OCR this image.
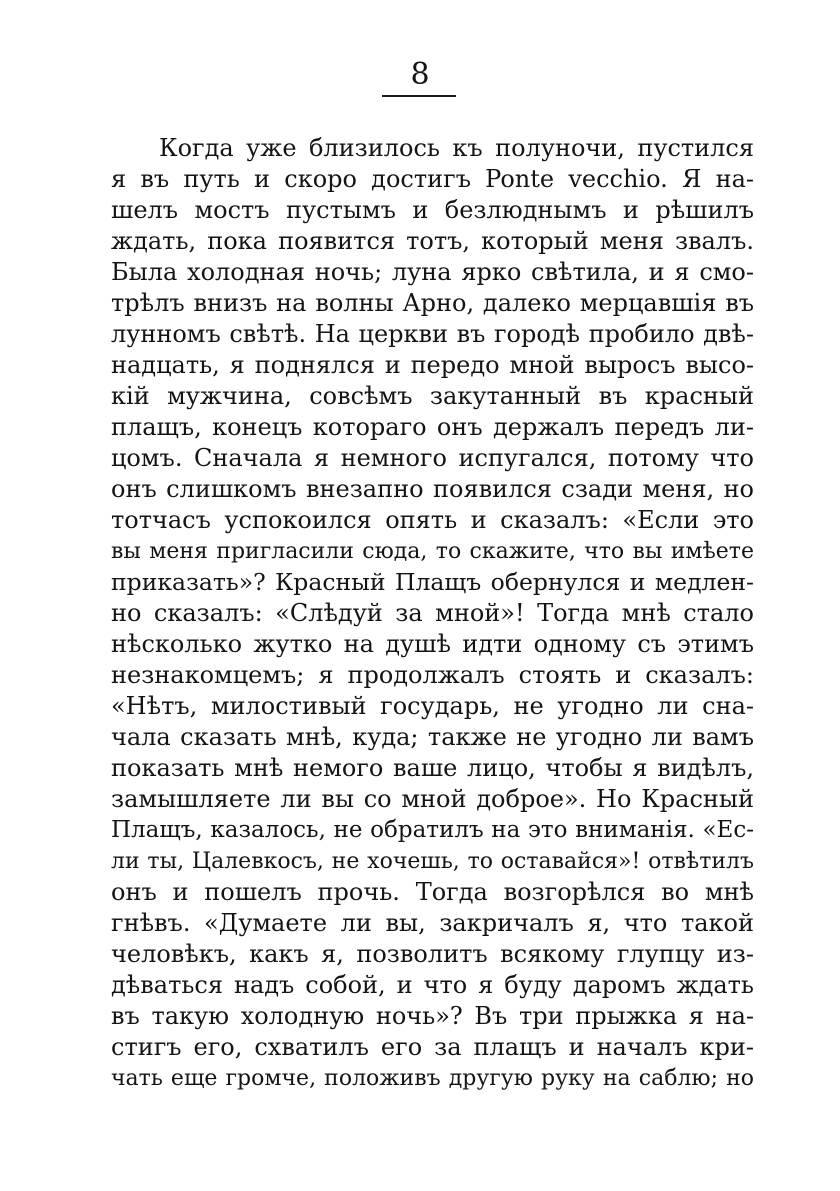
8
Когда уже близилось къ полуночи, пустился
я въ путь и скоро достигъ Ponte vecchio. Я на-
шелъ мостъ пустымъ и безлюднымъ и рѣшилъ
ждать, пока появится тотъ, который меня звалъ.
Была холодная ночь; луна ярко свѣтила, и я смо-
трѣлъ внизъ на волны Арно, далеко мерцавшія въ
лунномъ свѣтѣ. На церкви въ городѣ пробило двѣ-
надцать, я поднялся и передо мной выросъ высо-
кій мужчина, совсѣмъ закутанный въ красный
плащъ, конецъ котораго онъ держалъ передъ ли-
цомъ. Сначала я немного испугался, потому что
онъ слишкомъ внезапно появился сзади меня, но
тотчасъ успокоился опять и сказалъ: «Если это
вы меня пригласили сюда, то скажите, что вы имѣете
приказать»? Красный Плащъ обернулся и медлен-
но сказалъ: «Слѣдуй за мной»! Тогда мнѣ стало
нѣсколько жутко на душѣ идти одному съ этимъ
незнакомцемъ; я продолжалъ стоять и сказалъ:
«Нѣтъ, милостивый государь, не угодно ли сна-
чала сказать мнѣ, куда; также не угодно ли вамъ
показать мнѣ немого ваше лицо, чтобы я видѣлъ,
замышляете ли вы со мной доброе». Но Красный
Плащъ, казалось, не обратилъ на это вниманія. «Ес-
ли ты, Цалевкосъ, не хочешь, то оставайся»! отвѣтилъ
онъ и пошелъ прочь. Тогда возгорѣлся во мнѣ
гнѣвъ. «Думаете ли вы, закричалъ я, что такой
человѣкъ, какъ я, позволитъ всякому глупцу из-
дѣваться надъ собой, и что я буду даромъ ждать
въ такую холодную ночь»? Въ три прыжка я на-
стигъ его, схватилъ его за плащъ и началъ кри-
чать еще громче, положивъ другую руку на саблю; но
